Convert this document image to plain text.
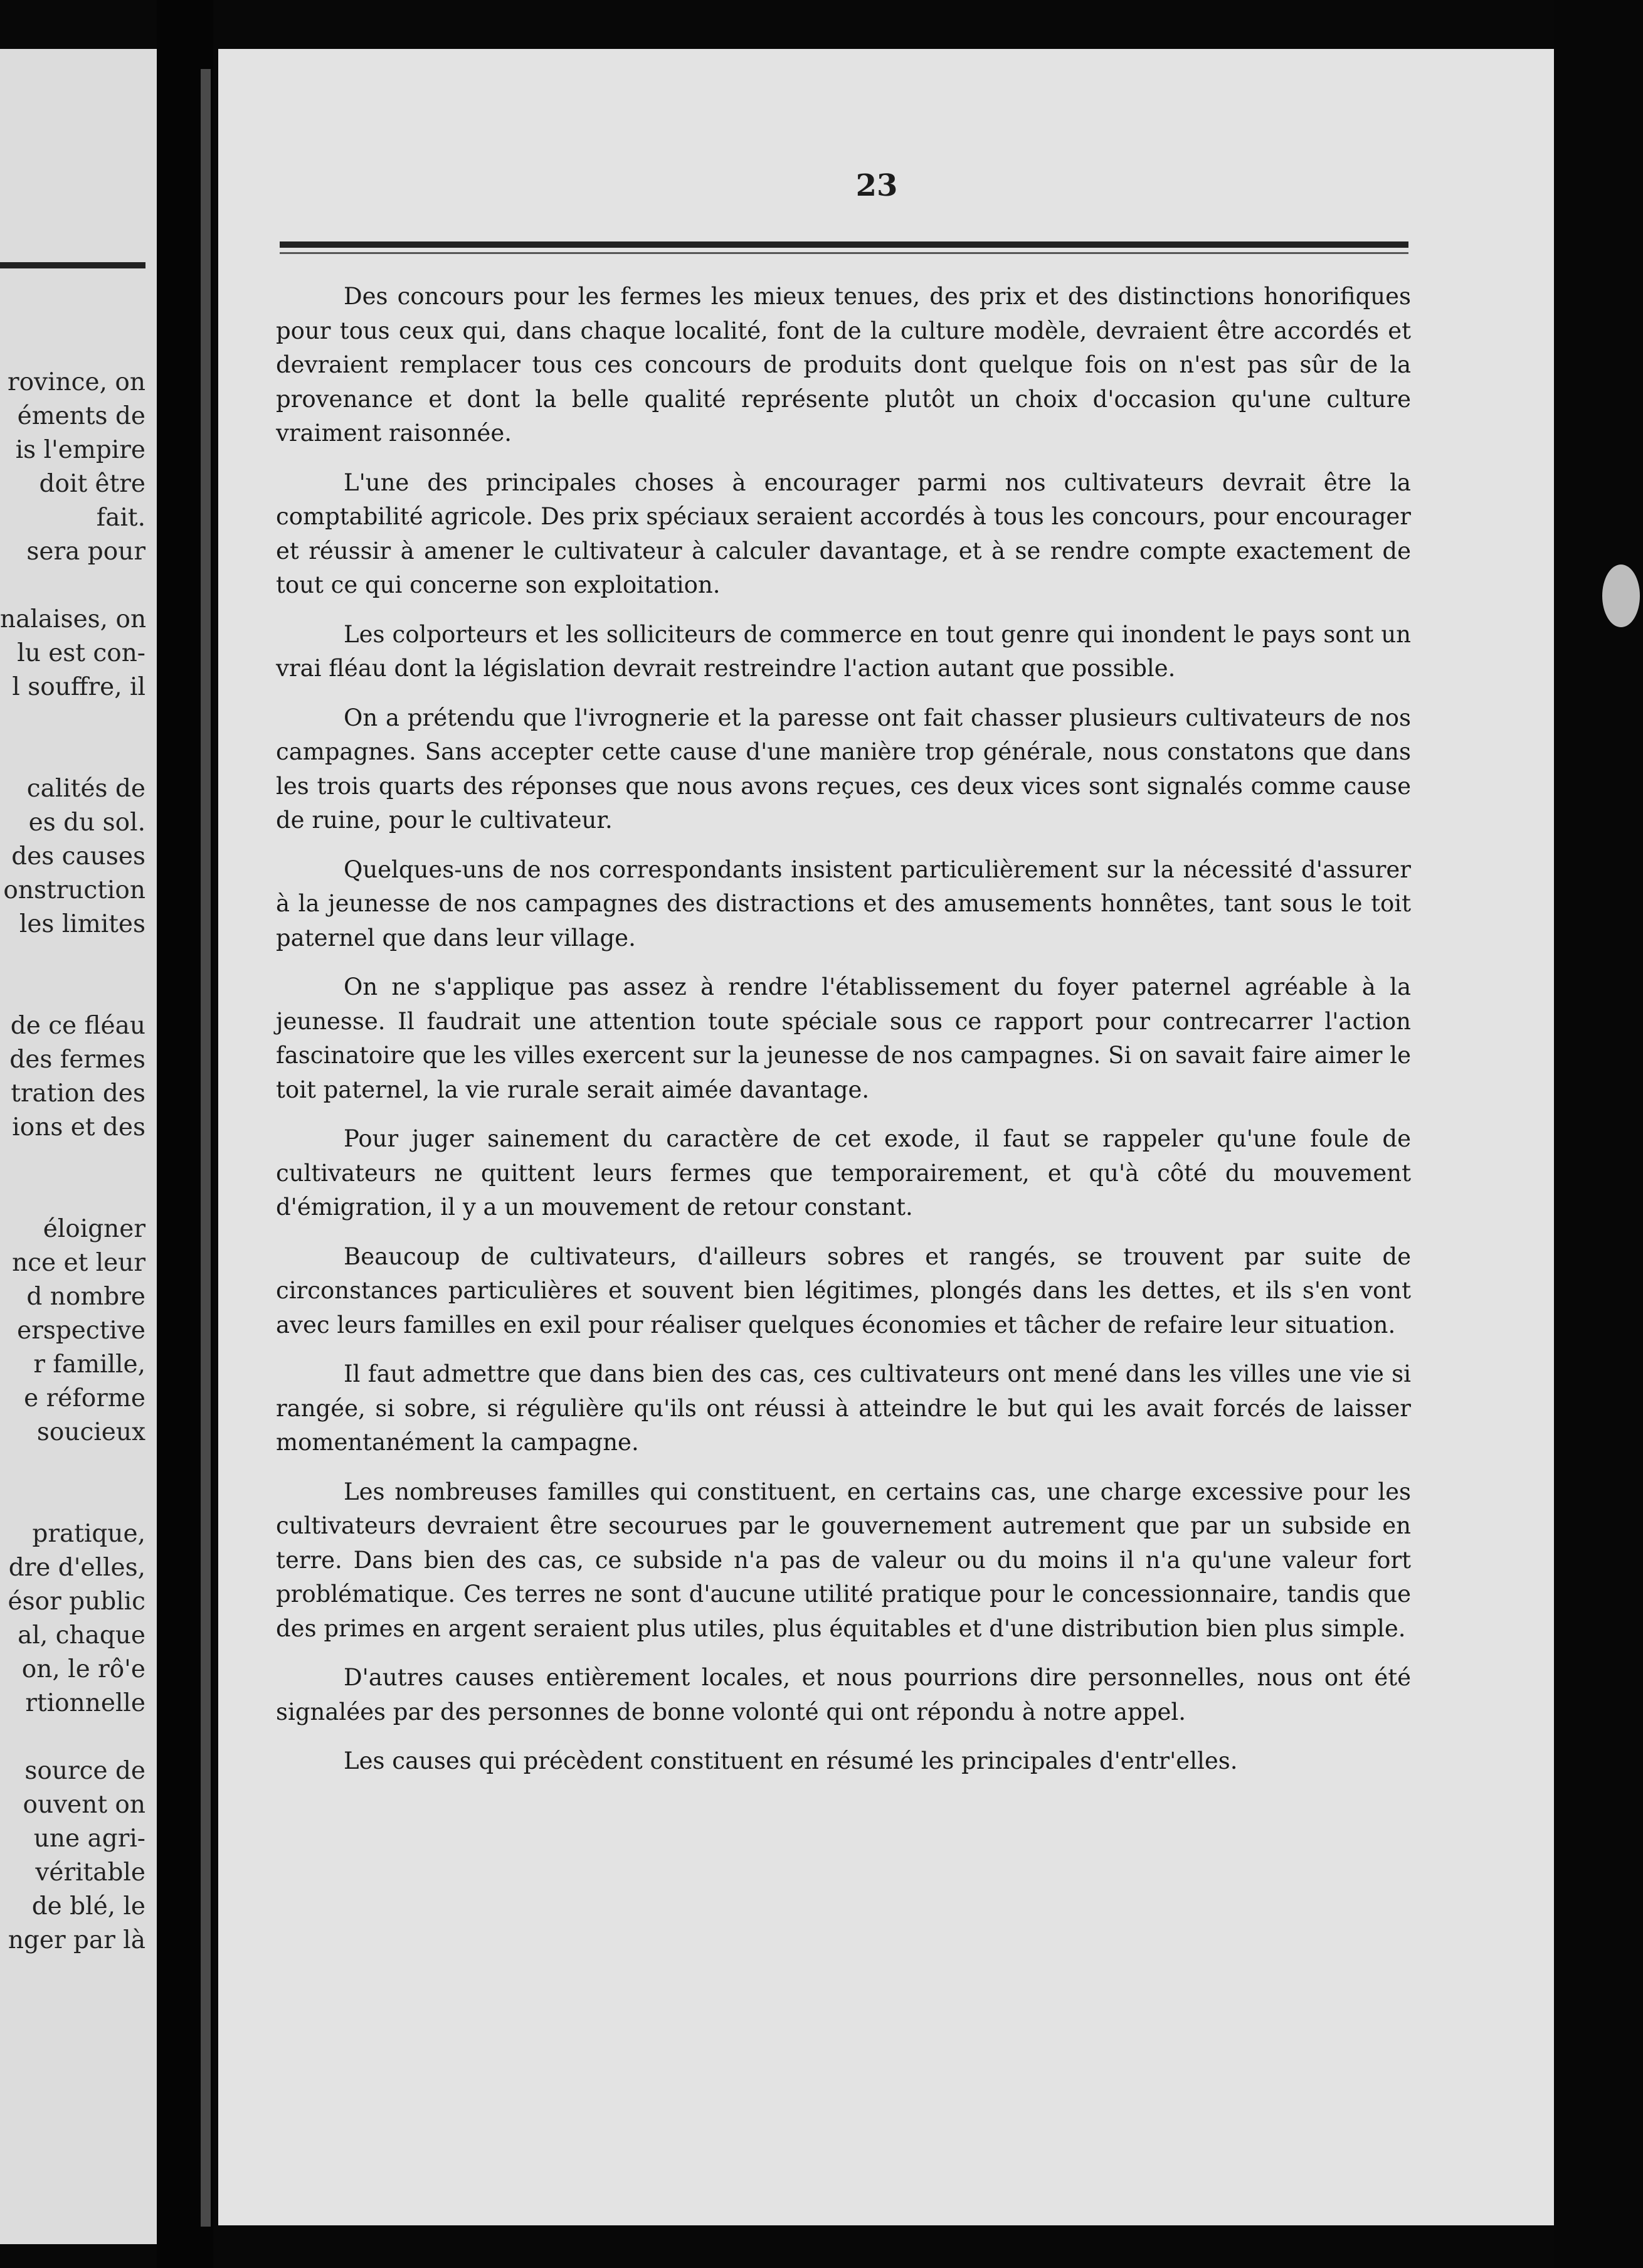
rovince, on
éments de
is l'empire
doit être
fait.
sera pour
nalaises, on
lu est con-
l souffre, il
calités de
es du sol.
des causes
onstruction
les limites
de ce fléau
des fermes
tration des
ions et des
éloigner
nce et leur
d nombre
erspective
r famille,
e réforme
soucieux
pratique,
dre d'elles,
ésor public
al, chaque
on, le rô'e
rtionnelle
source de
ouvent on
une agri-
véritable
de blé, le
nger par là
23

Des concours pour les fermes les mieux tenues, des prix et des distinctions honorifiques pour tous ceux qui, dans chaque localité, font de la culture modèle, devraient être accordés et devraient remplacer tous ces concours de produits dont quelque fois on n'est pas sûr de la provenance et dont la belle qualité représente plutôt un choix d'occasion qu'une culture vraiment raisonnée.

L'une des principales choses à encourager parmi nos cultivateurs devrait être la comptabilité agricole. Des prix spéciaux seraient accordés à tous les concours, pour encourager et réussir à amener le cultivateur à calculer davantage, et à se rendre compte exactement de tout ce qui concerne son exploitation.

Les colporteurs et les solliciteurs de commerce en tout genre qui inondent le pays sont un vrai fléau dont la législation devrait restreindre l'action autant que possible.

On a prétendu que l'ivrognerie et la paresse ont fait chasser plusieurs cultivateurs de nos campagnes. Sans accepter cette cause d'une manière trop générale, nous constatons que dans les trois quarts des réponses que nous avons reçues, ces deux vices sont signalés comme cause de ruine, pour le cultivateur.

Quelques-uns de nos correspondants insistent particulièrement sur la nécessité d'assurer à la jeunesse de nos campagnes des distractions et des amusements honnêtes, tant sous le toit paternel que dans leur village.

On ne s'applique pas assez à rendre l'établissement du foyer paternel agréable à la jeunesse. Il faudrait une attention toute spéciale sous ce rapport pour contrecarrer l'action fascinatoire que les villes exercent sur la jeunesse de nos campagnes. Si on savait faire aimer le toit paternel, la vie rurale serait aimée davantage.

Pour juger sainement du caractère de cet exode, il faut se rappeler qu'une foule de cultivateurs ne quittent leurs fermes que temporairement, et qu'à côté du mouvement d'émigration, il y a un mouvement de retour constant.

Beaucoup de cultivateurs, d'ailleurs sobres et rangés, se trouvent par suite de circonstances particulières et souvent bien légitimes, plongés dans les dettes, et ils s'en vont avec leurs familles en exil pour réaliser quelques économies et tâcher de refaire leur situation.

Il faut admettre que dans bien des cas, ces cultivateurs ont mené dans les villes une vie si rangée, si sobre, si régulière qu'ils ont réussi à atteindre le but qui les avait forcés de laisser momentanément la campagne.

Les nombreuses familles qui constituent, en certains cas, une charge excessive pour les cultivateurs devraient être secourues par le gouvernement autrement que par un subside en terre. Dans bien des cas, ce subside n'a pas de valeur ou du moins il n'a qu'une valeur fort problématique. Ces terres ne sont d'aucune utilité pratique pour le concessionnaire, tandis que des primes en argent seraient plus utiles, plus équitables et d'une distribution bien plus simple.

D'autres causes entièrement locales, et nous pourrions dire personnelles, nous ont été signalées par des personnes de bonne volonté qui ont répondu à notre appel.

Les causes qui précèdent constituent en résumé les principales d'entr'elles.
